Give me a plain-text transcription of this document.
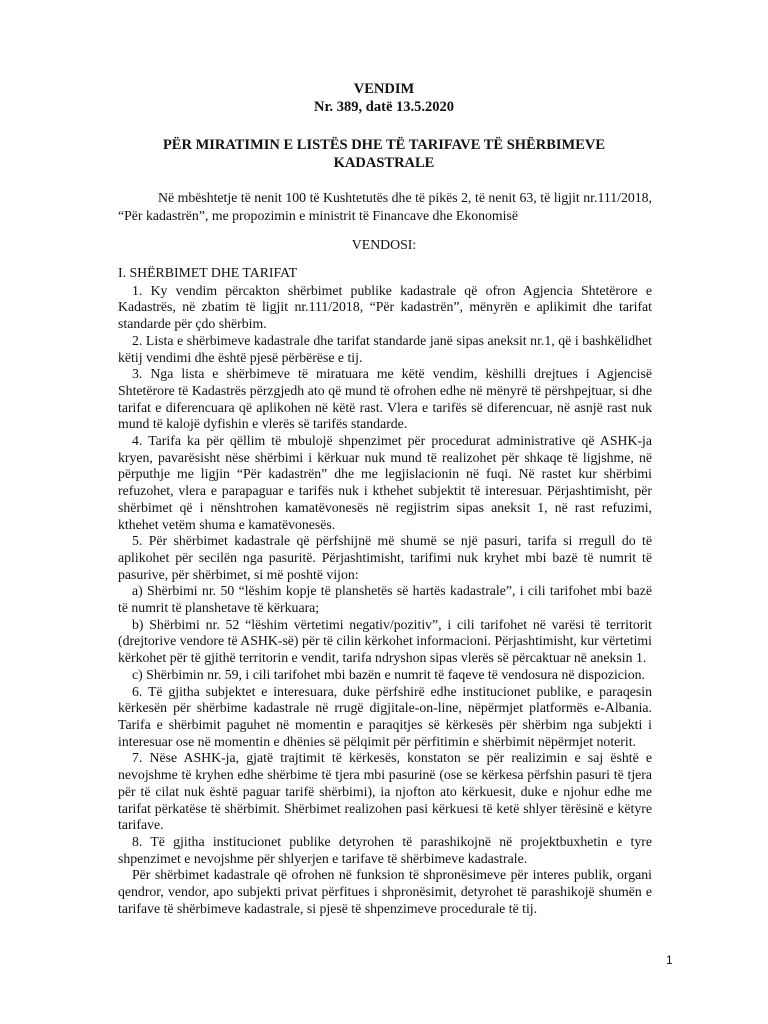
VENDIM
Nr. 389, datë 13.5.2020
PËR MIRATIMIN E LISTËS DHE TË TARIFAVE TË SHËRBIMEVE KADASTRALE

Në mbështetje të nenit 100 të Kushtetutës dhe të pikës 2, të nenit 63, të ligjit nr.111/2018, “Për kadastrën”, me propozimin e ministrit të Financave dhe Ekonomisë

VENDOSI:

I. SHËRBIMET DHE TARIFAT

1. Ky vendim përcakton shërbimet publike kadastrale që ofron Agjencia Shtetërore e Kadastrës, në zbatim të ligjit nr.111/2018, “Për kadastrën”, mënyrën e aplikimit dhe tarifat standarde për çdo shërbim.

2. Lista e shërbimeve kadastrale dhe tarifat standarde janë sipas aneksit nr.1, që i bashkëlidhet këtij vendimi dhe është pjesë përbërëse e tij.

3. Nga lista e shërbimeve të miratuara me këtë vendim, këshilli drejtues i Agjencisë Shtetërore të Kadastrës përzgjedh ato që mund të ofrohen edhe në mënyrë të përshpejtuar, si dhe tarifat e diferencuara që aplikohen në këtë rast. Vlera e tarifës së diferencuar, në asnjë rast nuk mund të kalojë dyfishin e vlerës së tarifës standarde.

4. Tarifa ka për qëllim të mbulojë shpenzimet për procedurat administrative që ASHK-ja kryen, pavarësisht nëse shërbimi i kërkuar nuk mund të realizohet për shkaqe të ligjshme, në përputhje me ligjin “Për kadastrën” dhe me legjislacionin në fuqi. Në rastet kur shërbimi refuzohet, vlera e parapaguar e tarifës nuk i kthehet subjektit të interesuar. Përjashtimisht, për shërbimet që i nënshtrohen kamatëvonesës në regjistrim sipas aneksit 1, në rast refuzimi, kthehet vetëm shuma e kamatëvonesës.

5. Për shërbimet kadastrale që përfshijnë më shumë se një pasuri, tarifa si rregull do të aplikohet për secilën nga pasuritë. Përjashtimisht, tarifimi nuk kryhet mbi bazë të numrit të pasurive, për shërbimet, si më poshtë vijon:

a) Shërbimi nr. 50 “lëshim kopje të planshetës së hartës kadastrale”, i cili tarifohet mbi bazë të numrit të planshetave të kërkuara;

b) Shërbimi nr. 52 “lëshim vërtetimi negativ/pozitiv”, i cili tarifohet në varësi të territorit (drejtorive vendore të ASHK-së) për të cilin kërkohet informacioni. Përjashtimisht, kur vërtetimi kërkohet për të gjithë territorin e vendit, tarifa ndryshon sipas vlerës së përcaktuar në aneksin 1.

c) Shërbimin nr. 59, i cili tarifohet mbi bazën e numrit të faqeve të vendosura në dispozicion.

6. Të gjitha subjektet e interesuara, duke përfshirë edhe institucionet publike, e paraqesin kërkesën për shërbime kadastrale në rrugë digjitale-on-line, nëpërmjet platformës e-Albania. Tarifa e shërbimit paguhet në momentin e paraqitjes së kërkesës për shërbim nga subjekti i interesuar ose në momentin e dhënies së pëlqimit për përfitimin e shërbimit nëpërmjet noterit.

7. Nëse ASHK-ja, gjatë trajtimit të kërkesës, konstaton se për realizimin e saj është e nevojshme të kryhen edhe shërbime të tjera mbi pasurinë (ose se kërkesa përfshin pasuri të tjera për të cilat nuk është paguar tarifë shërbimi), ia njofton ato kërkuesit, duke e njohur edhe me tarifat përkatëse të shërbimit. Shërbimet realizohen pasi kërkuesi të ketë shlyer tërësinë e këtyre tarifave.

8. Të gjitha institucionet publike detyrohen të parashikojnë në projektbuxhetin e tyre shpenzimet e nevojshme për shlyerjen e tarifave të shërbimeve kadastrale.

Për shërbimet kadastrale që ofrohen në funksion të shpronësimeve për interes publik, organi qendror, vendor, apo subjekti privat përfitues i shpronësimit, detyrohet të parashikojë shumën e tarifave të shërbimeve kadastrale, si pjesë të shpenzimeve procedurale të tij.

1
